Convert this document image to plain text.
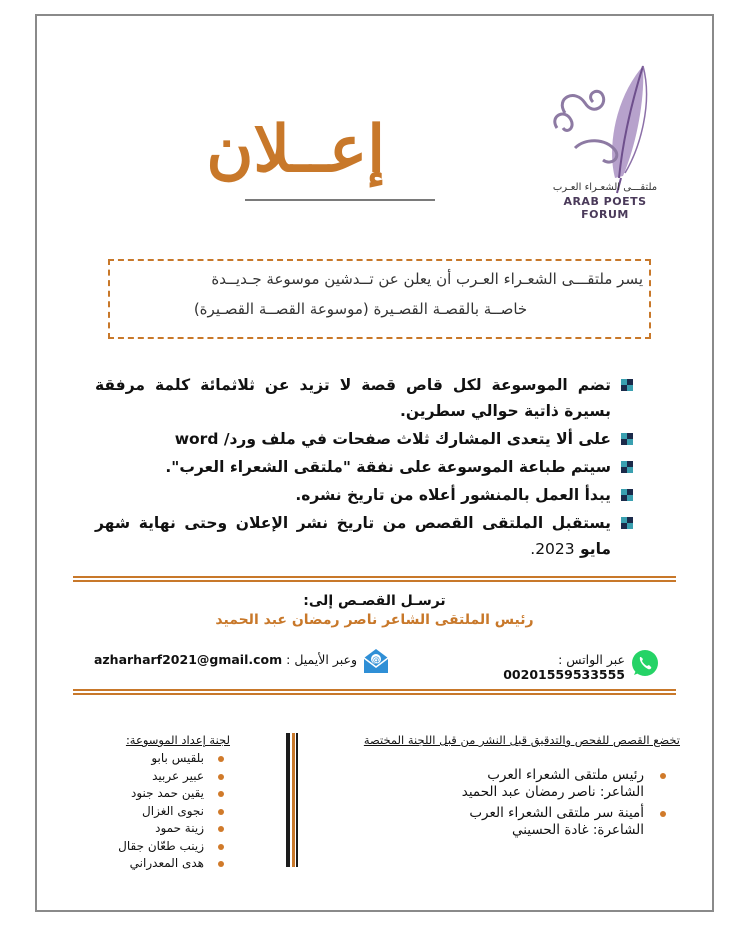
إعــلان
ملتقـــى الشعـراء العـرب
ARAB POETS FORUM
يسر ملتقـــى الشعـراء العـرب أن يعلن عن تــدشين موسوعة جـديــدة
خاصــة بالقصـة القصـيرة (موسوعة القصــة القصـيرة)
تضم الموسوعة لكل قاص قصة لا تزيد عن ثلاثمائة كلمة مرفقة بسيرة ذاتية حوالي سطرين.
على ألا يتعدى المشارك ثلاث صفحات في ملف ورد/ word
سيتم طباعة الموسوعة على نفقة "ملتقى الشعراء العرب".
يبدأ العمل بالمنشور أعلاه من تاريخ نشره.
يستقبل الملتقى القصص من تاريخ نشر الإعلان وحتى نهاية شهر مايو 2023.
ترسـل القصـص إلى:
رئيس الملتقى الشاعر ناصر رمضان عبد الحميد
عبر الواتس : 00201559533555
@
وعبر الأيميل : azharharf2021@gmail.com
تخضع القصص للفحص والتدقيق قبل النشر من قبل اللجنة المختصة
رئيس ملتقى الشعراء العرب
الشاعر: ناصر رمضان عبد الحميد
أمينة سر ملتقى الشعراء العرب
الشاعرة: غادة الحسيني
لجنة إعداد الموسوعة:
بلقيس بابو
عبير عربيد
يقين حمد جنود
نجوى الغزال
زينة حمود
زينب طعّان جقال
هدى المعدراني
